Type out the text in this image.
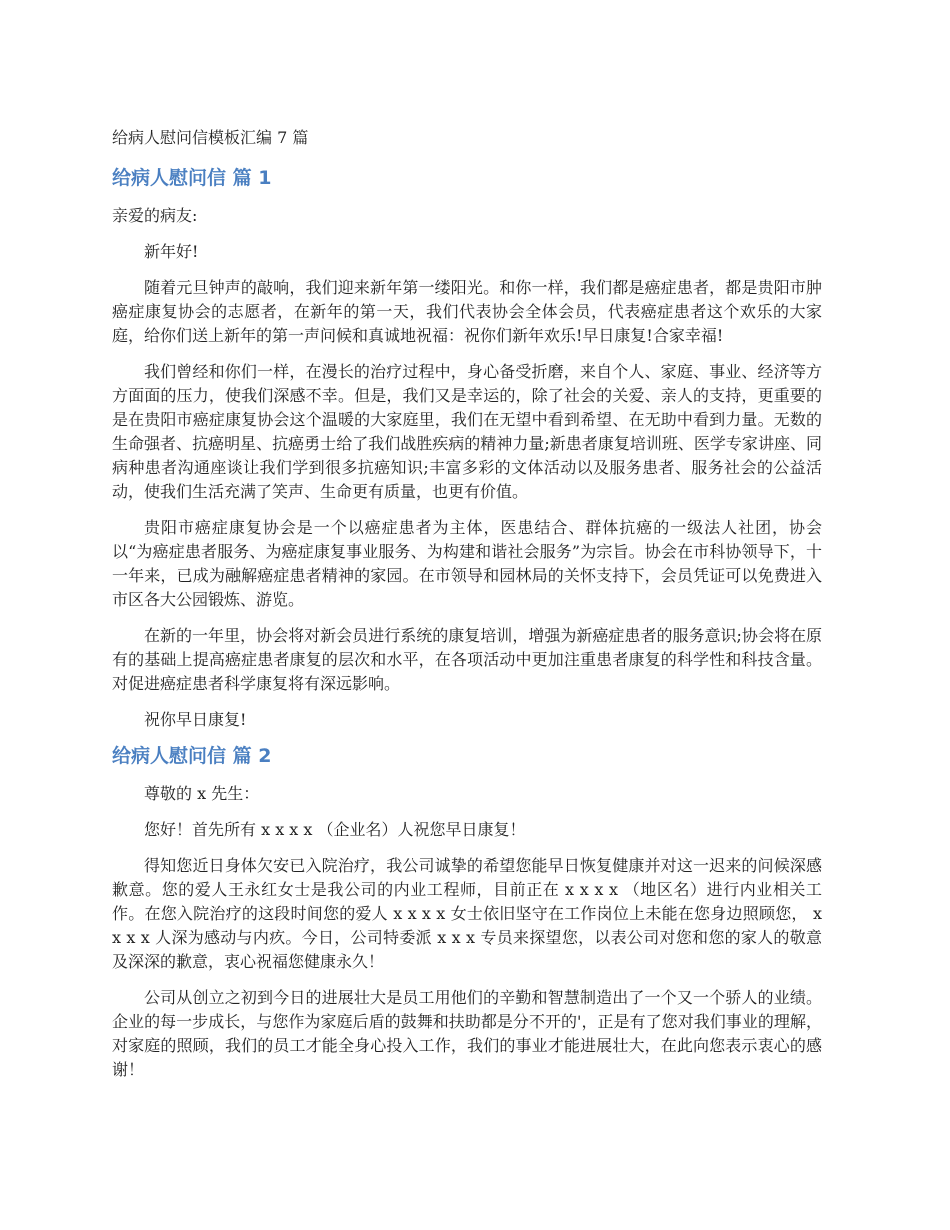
给病人慰问信模板汇编 7 篇
给病人慰问信 篇 1

亲爱的病友:

新年好!

随着元旦钟声的敲响，我们迎来新年第一缕阳光。和你一样，我们都是癌症患者，都是贵阳市肿癌症康复协会的志愿者，在新年的第一天，我们代表协会全体会员，代表癌症患者这个欢乐的大家庭，给你们送上新年的第一声问候和真诚地祝福：祝你们新年欢乐!早日康复!合家幸福!

我们曾经和你们一样，在漫长的治疗过程中，身心备受折磨，来自个人、家庭、事业、经济等方方面面的压力，使我们深感不幸。但是，我们又是幸运的，除了社会的关爱、亲人的支持，更重要的是在贵阳市癌症康复协会这个温暖的大家庭里，我们在无望中看到希望、在无助中看到力量。无数的生命强者、抗癌明星、抗癌勇士给了我们战胜疾病的精神力量;新患者康复培训班、医学专家讲座、同病种患者沟通座谈让我们学到很多抗癌知识;丰富多彩的文体活动以及服务患者、服务社会的公益活动，使我们生活充满了笑声、生命更有质量，也更有价值。

贵阳市癌症康复协会是一个以癌症患者为主体，医患结合、群体抗癌的一级法人社团，协会以“为癌症患者服务、为癌症康复事业服务、为构建和谐社会服务”为宗旨。协会在市科协领导下，十一年来，已成为融解癌症患者精神的家园。在市领导和园林局的关怀支持下，会员凭证可以免费进入市区各大公园锻炼、游览。

在新的一年里，协会将对新会员进行系统的康复培训，增强为新癌症患者的服务意识;协会将在原有的基础上提高癌症患者康复的层次和水平，在各项活动中更加注重患者康复的科学性和科技含量。对促进癌症患者科学康复将有深远影响。

祝你早日康复!

给病人慰问信 篇 2

尊敬的 x 先生：

您好！首先所有 x x x x （企业名）人祝您早日康复！

得知您近日身体欠安已入院治疗，我公司诚挚的希望您能早日恢复健康并对这一迟来的问候深感歉意。您的爱人王永红女士是我公司的内业工程师，目前正在 x x x x （地区名）进行内业相关工作。在您入院治疗的这段时间您的爱人 x x x x 女士依旧坚守在工作岗位上未能在您身边照顾您， x x x x 人深为感动与内疚。今日，公司特委派 x x x 专员来探望您，以表公司对您和您的家人的敬意及深深的歉意，衷心祝福您健康永久！

公司从创立之初到今日的进展壮大是员工用他们的辛勤和智慧制造出了一个又一个骄人的业绩。企业的每一步成长，与您作为家庭后盾的鼓舞和扶助都是分不开的'，正是有了您对我们事业的理解，对家庭的照顾，我们的员工才能全身心投入工作，我们的事业才能进展壮大，在此向您表示衷心的感谢！
